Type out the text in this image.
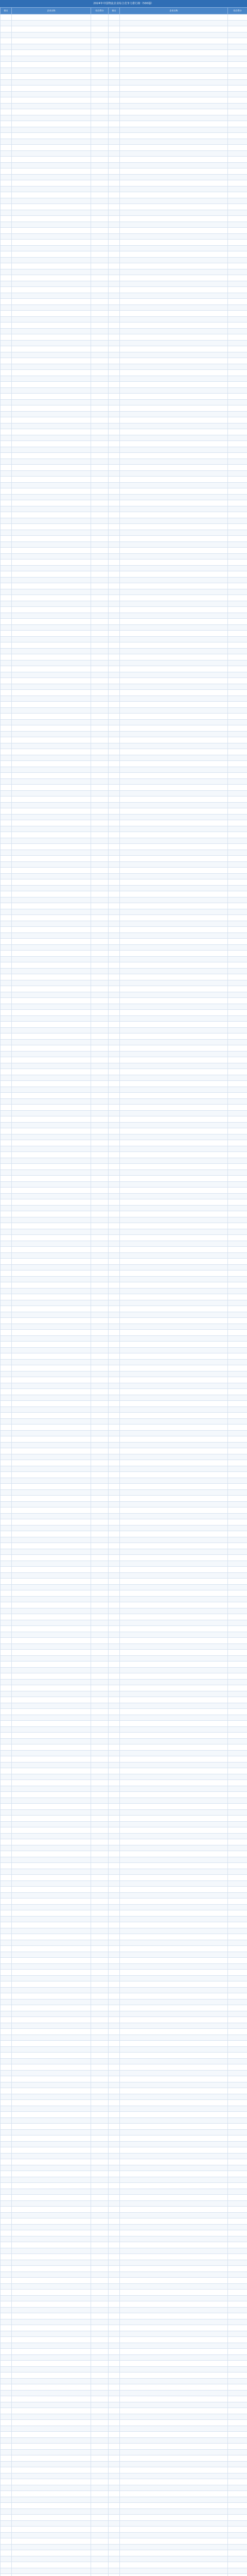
2024年中国物流企业综合竞争力排行榜（500强）
排名	企业名称	综合得分	排名	企业名称	综合得分
